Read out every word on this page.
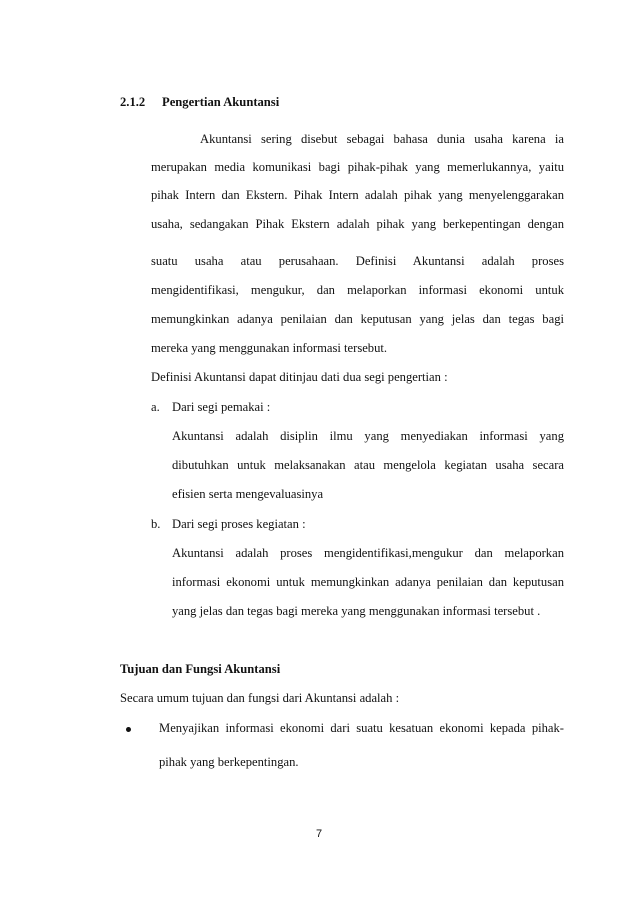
2.1.2 Pengertian Akuntansi
Akuntansi sering disebut sebagai bahasa dunia usaha karena ia
merupakan media komunikasi bagi pihak-pihak yang memerlukannya, yaitu
pihak Intern dan Ekstern. Pihak Intern adalah pihak yang menyelenggarakan
usaha, sedangakan Pihak Ekstern adalah pihak yang berkepentingan dengan
suatu usaha atau perusahaan. Definisi Akuntansi adalah proses
mengidentifikasi, mengukur, dan melaporkan informasi ekonomi untuk
memungkinkan adanya penilaian dan keputusan yang jelas dan tegas bagi
mereka yang menggunakan informasi tersebut.
Definisi Akuntansi dapat ditinjau dati dua segi pengertian :
a. Dari segi pemakai :
Akuntansi adalah disiplin ilmu yang menyediakan informasi yang
dibutuhkan untuk melaksanakan atau mengelola kegiatan usaha secara
efisien serta mengevaluasinya
b. Dari segi proses kegiatan :
Akuntansi adalah proses mengidentifikasi,mengukur dan melaporkan
informasi ekonomi untuk memungkinkan adanya penilaian dan keputusan
yang jelas dan tegas bagi mereka yang menggunakan informasi tersebut .
Tujuan dan Fungsi Akuntansi
Secara umum tujuan dan fungsi dari Akuntansi adalah :
Menyajikan informasi ekonomi dari suatu kesatuan ekonomi kepada pihak-
pihak yang berkepentingan.
7
